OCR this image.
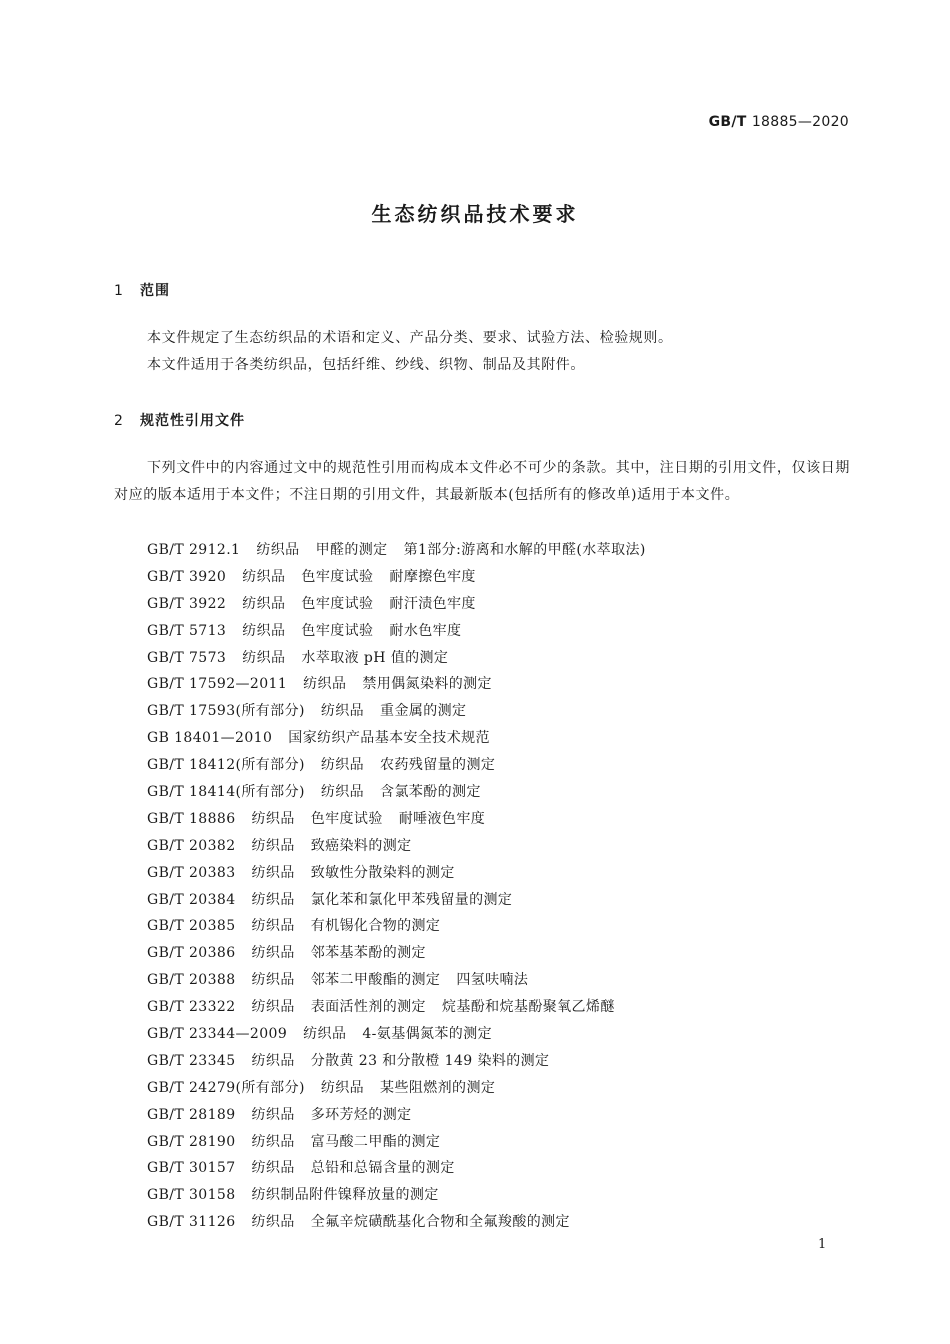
GB/T 18885—2020
生态纺织品技术要求
1 范围
本文件规定了生态纺织品的术语和定义、产品分类、要求、试验方法、检验规则。
本文件适用于各类纺织品，包括纤维、纱线、织物、制品及其附件。
2 规范性引用文件
下列文件中的内容通过文中的规范性引用而构成本文件必不可少的条款。其中，注日期的引用文件，仅该日期对应的版本适用于本文件；不注日期的引用文件，其最新版本(包括所有的修改单)适用于本文件。
GB/T 2912.1 纺织品 甲醛的测定 第1部分:游离和水解的甲醛(水萃取法)
GB/T 3920 纺织品 色牢度试验 耐摩擦色牢度
GB/T 3922 纺织品 色牢度试验 耐汗渍色牢度
GB/T 5713 纺织品 色牢度试验 耐水色牢度
GB/T 7573 纺织品 水萃取液 pH 值的测定
GB/T 17592—2011 纺织品 禁用偶氮染料的测定
GB/T 17593(所有部分) 纺织品 重金属的测定
GB 18401—2010 国家纺织产品基本安全技术规范
GB/T 18412(所有部分) 纺织品 农药残留量的测定
GB/T 18414(所有部分) 纺织品 含氯苯酚的测定
GB/T 18886 纺织品 色牢度试验 耐唾液色牢度
GB/T 20382 纺织品 致癌染料的测定
GB/T 20383 纺织品 致敏性分散染料的测定
GB/T 20384 纺织品 氯化苯和氯化甲苯残留量的测定
GB/T 20385 纺织品 有机锡化合物的测定
GB/T 20386 纺织品 邻苯基苯酚的测定
GB/T 20388 纺织品 邻苯二甲酸酯的测定 四氢呋喃法
GB/T 23322 纺织品 表面活性剂的测定 烷基酚和烷基酚聚氧乙烯醚
GB/T 23344—2009 纺织品 4-氨基偶氮苯的测定
GB/T 23345 纺织品 分散黄 23 和分散橙 149 染料的测定
GB/T 24279(所有部分) 纺织品 某些阻燃剂的测定
GB/T 28189 纺织品 多环芳烃的测定
GB/T 28190 纺织品 富马酸二甲酯的测定
GB/T 30157 纺织品 总铅和总镉含量的测定
GB/T 30158 纺织制品附件镍释放量的测定
GB/T 31126 纺织品 全氟辛烷磺酰基化合物和全氟羧酸的测定
1
